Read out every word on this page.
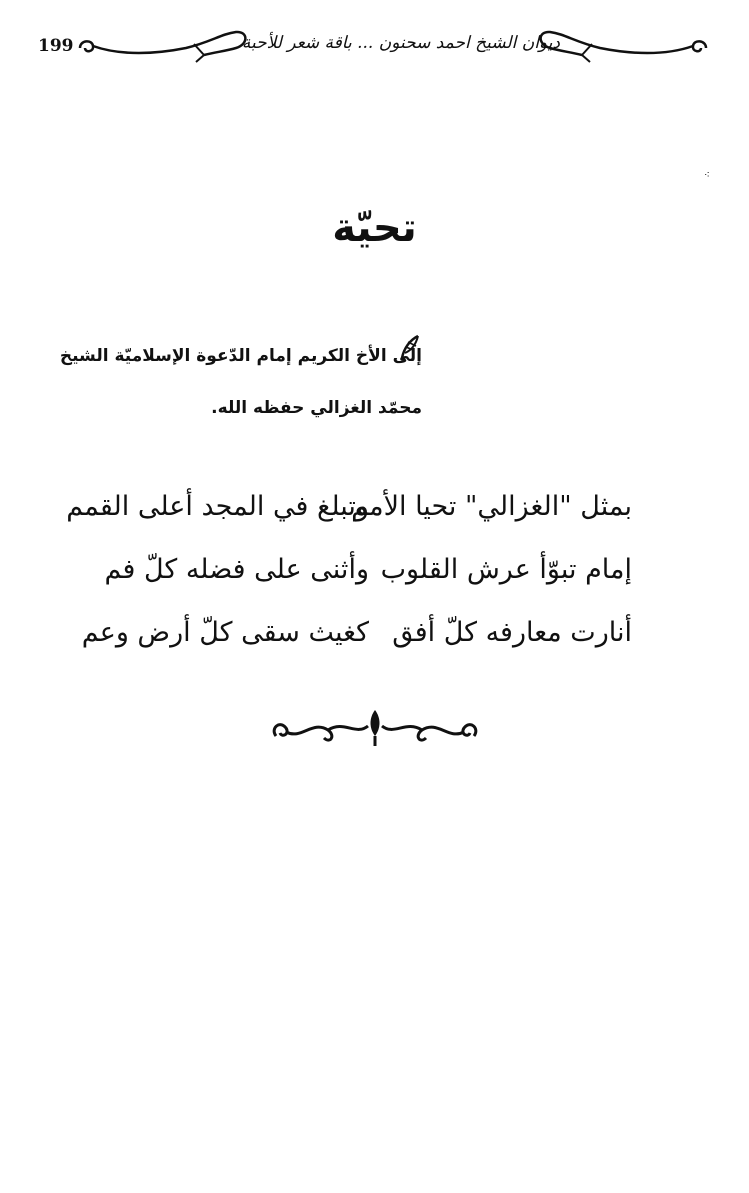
199	ديوان الشيخ احمد سحنون ... باقة شعر للأحبة
⁖
تحيّة
إلى الأخ الكريم إمام الدّعوة الإسلاميّة الشيخ
محمّد الغزالي حفظه الله.
بمثل "الغزالي" تحيا الأمم
وتبلغ في المجد أعلى القمم
إمام تبوّأ عرش القلوب
وأثنى على فضله كلّ فم
أنارت معارفه كلّ أفق
كغيث سقى كلّ أرض وعم
